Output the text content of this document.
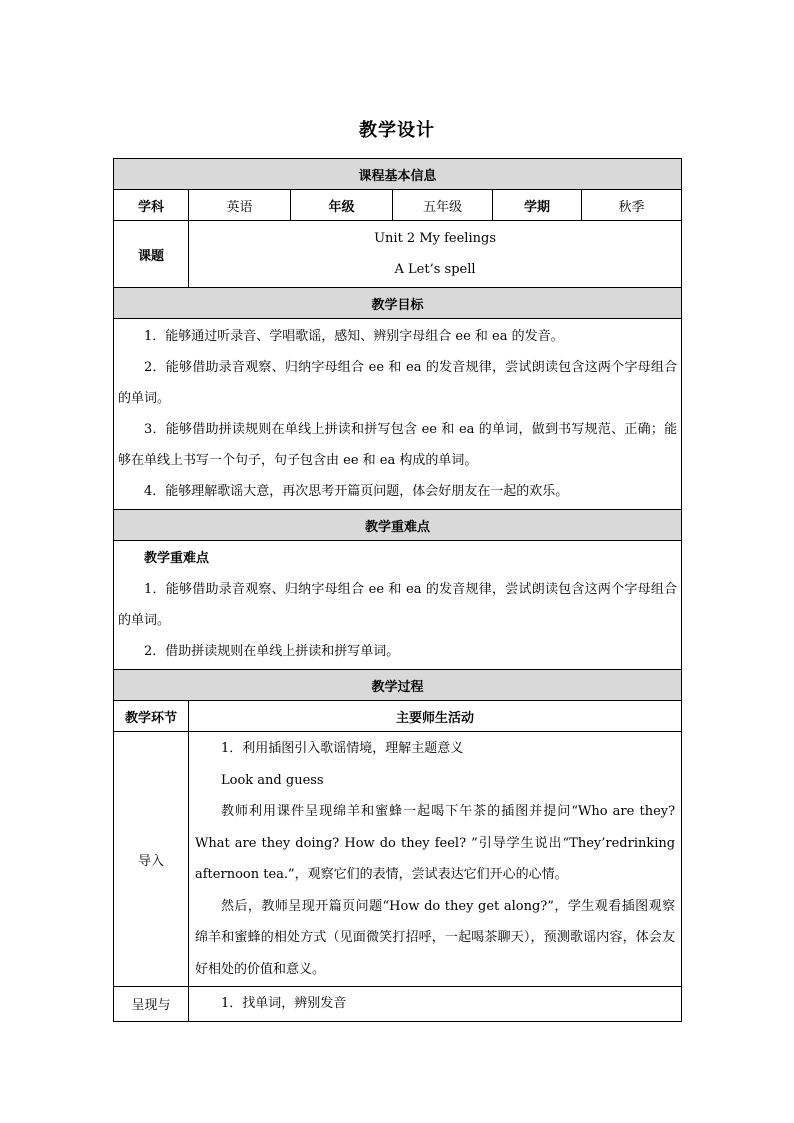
教学设计
课程基本信息					
学科	英语	年级	五年级	学期	秋季
课题	Unit 2 My feelings
A Let’s spell				

教学目标					

1．能够通过听录音、学唱歌谣，感知、辨别字母组合 ee 和 ea 的发音。

2．能够借助录音观察、归纳字母组合 ee 和 ea 的发音规律，尝试朗读包含这两个字母组合的单词。

3．能够借助拼读规则在单线上拼读和拼写包含 ee 和 ea 的单词，做到书写规范、正确；能够在单线上书写一个句子，句子包含由 ee 和 ea 构成的单词。

4．能够理解歌谣大意，再次思考开篇页问题，体会好朋友在一起的欢乐。					

教学重难点					

教学重难点

1．能够借助录音观察、归纳字母组合 ee 和 ea 的发音规律，尝试朗读包含这两个字母组合的单词。

2．借助拼读规则在单线上拼读和拼写单词。					

教学过程					
教学环节	主要师生活动				
导入	1．利用插图引入歌谣情境，理解主题意义

Look and guess

教师利用课件呈现绵羊和蜜蜂一起喝下午茶的插图并提问“Who are they? What are they doing? How do they feel? ”引导学生说出“They’redrinking afternoon tea.”，观察它们的表情，尝试表达它们开心的心情。

然后，教师呈现开篇页问题“How do they get along?”，学生观看插图观察绵羊和蜜蜂的相处方式（见面微笑打招呼，一起喝茶聊天），预测歌谣内容，体会友好相处的价值和意义。				

呈现与	1．找单词，辨别发音				
